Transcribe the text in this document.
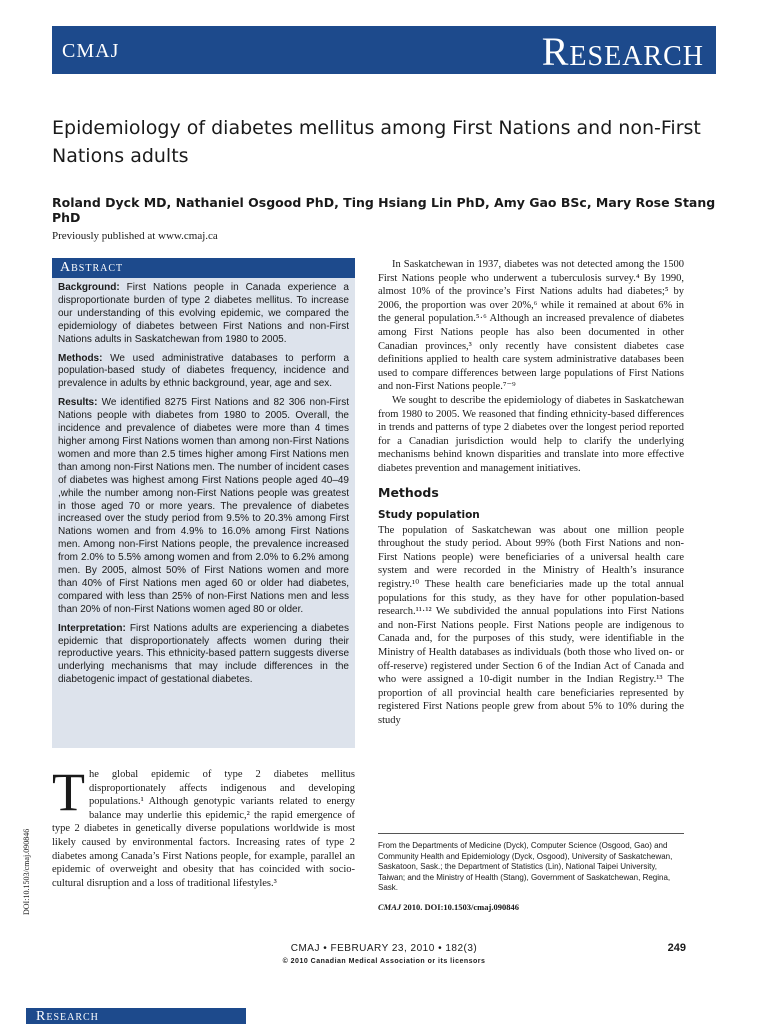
CMAJ	Research
Epidemiology of diabetes mellitus among First Nations and non-First Nations adults
Roland Dyck MD, Nathaniel Osgood PhD, Ting Hsiang Lin PhD, Amy Gao BSc, Mary Rose Stang PhD
Previously published at www.cmaj.ca
Abstract

Background: First Nations people in Canada experience a disproportionate burden of type 2 diabetes mellitus. To increase our understanding of this evolving epidemic, we compared the epidemiology of diabetes between First Nations and non-First Nations adults in Saskatchewan from 1980 to 2005.

Methods: We used administrative databases to perform a population-based study of diabetes frequency, incidence and prevalence in adults by ethnic background, year, age and sex.

Results: We identified 8275 First Nations and 82 306 non-First Nations people with diabetes from 1980 to 2005. Overall, the incidence and prevalence of diabetes were more than 4 times higher among First Nations women than among non-First Nations women and more than 2.5 times higher among First Nations men than among non-First Nations men. The number of incident cases of diabetes was highest among First Nations people aged 40–49 ,while the number among non-First Nations people was greatest in those aged 70 or more years. The prevalence of diabetes increased over the study period from 9.5% to 20.3% among First Nations women and from 4.9% to 16.0% among First Nations men. Among non-First Nations people, the prevalence increased from 2.0% to 5.5% among women and from 2.0% to 6.2% among men. By 2005, almost 50% of First Nations women and more than 40% of First Nations men aged 60 or older had diabetes, compared with less than 25% of non-First Nations men and less than 20% of non-First Nations women aged 80 or older.

Interpretation: First Nations adults are experiencing a diabetes epidemic that disproportionately affects women during their reproductive years. This ethnicity-based pattern suggests diverse underlying mechanisms that may include differences in the diabetogenic impact of gestational diabetes.

The global epidemic of type 2 diabetes mellitus disproportionately affects indigenous and developing populations.¹ Although genotypic variants related to energy balance may underlie this epidemic,² the rapid emergence of type 2 diabetes in genetically diverse populations worldwide is most likely caused by environmental factors. Increasing rates of type 2 diabetes among Canada’s First Nations people, for example, parallel an epidemic of overweight and obesity that has coincided with socio-cultural disruption and a loss of traditional lifestyles.³

DOI:10.1503/cmaj.090846

In Saskatchewan in 1937, diabetes was not detected among the 1500 First Nations people who underwent a tuberculosis survey.⁴ By 1990, almost 10% of the province’s First Nations adults had diabetes;⁵ by 2006, the proportion was over 20%,⁶ while it remained at about 6% in the general population.⁵·⁶ Although an increased prevalence of diabetes among First Nations people has also been documented in other Canadian provinces,³ only recently have consistent diabetes case definitions applied to health care system administrative databases been used to compare differences between large populations of First Nations and non-First Nations people.⁷⁻⁹

We sought to describe the epidemiology of diabetes in Saskatchewan from 1980 to 2005. We reasoned that finding ethnicity-based differences in trends and patterns of type 2 diabetes over the longest period reported for a Canadian jurisdiction would help to clarify the underlying mechanisms behind known disparities and translate into more effective diabetes prevention and management initiatives.

Methods
Study population

The population of Saskatchewan was about one million people throughout the study period. About 99% (both First Nations and non-First Nations people) were beneficiaries of a universal health care system and were recorded in the Ministry of Health’s insurance registry.¹⁰ These health care beneficiaries made up the total annual populations for this study, as they have for other population-based research.¹¹·¹² We subdivided the annual populations into First Nations and non-First Nations people. First Nations people are indigenous to Canada and, for the purposes of this study, were identifiable in the Ministry of Health databases as individuals (both those who lived on- or off-reserve) registered under Section 6 of the Indian Act of Canada and who were assigned a 10-digit number in the Indian Registry.¹³ The proportion of all provincial health care beneficiaries represented by registered First Nations people grew from about 5% to 10% during the study

From the Departments of Medicine (Dyck), Computer Science (Osgood, Gao) and Community Health and Epidemiology (Dyck, Osgood), University of Saskatchewan, Saskatoon, Sask.; the Department of Statistics (Lin), National Taipei University, Taiwan; and the Ministry of Health (Stang), Government of Saskatchewan, Regina, Sask.

CMAJ 2010. DOI:10.1503/cmaj.090846
CMAJ • FEBRUARY 23, 2010 • 182(3)	249
© 2010 Canadian Medical Association or its licensors
Research
